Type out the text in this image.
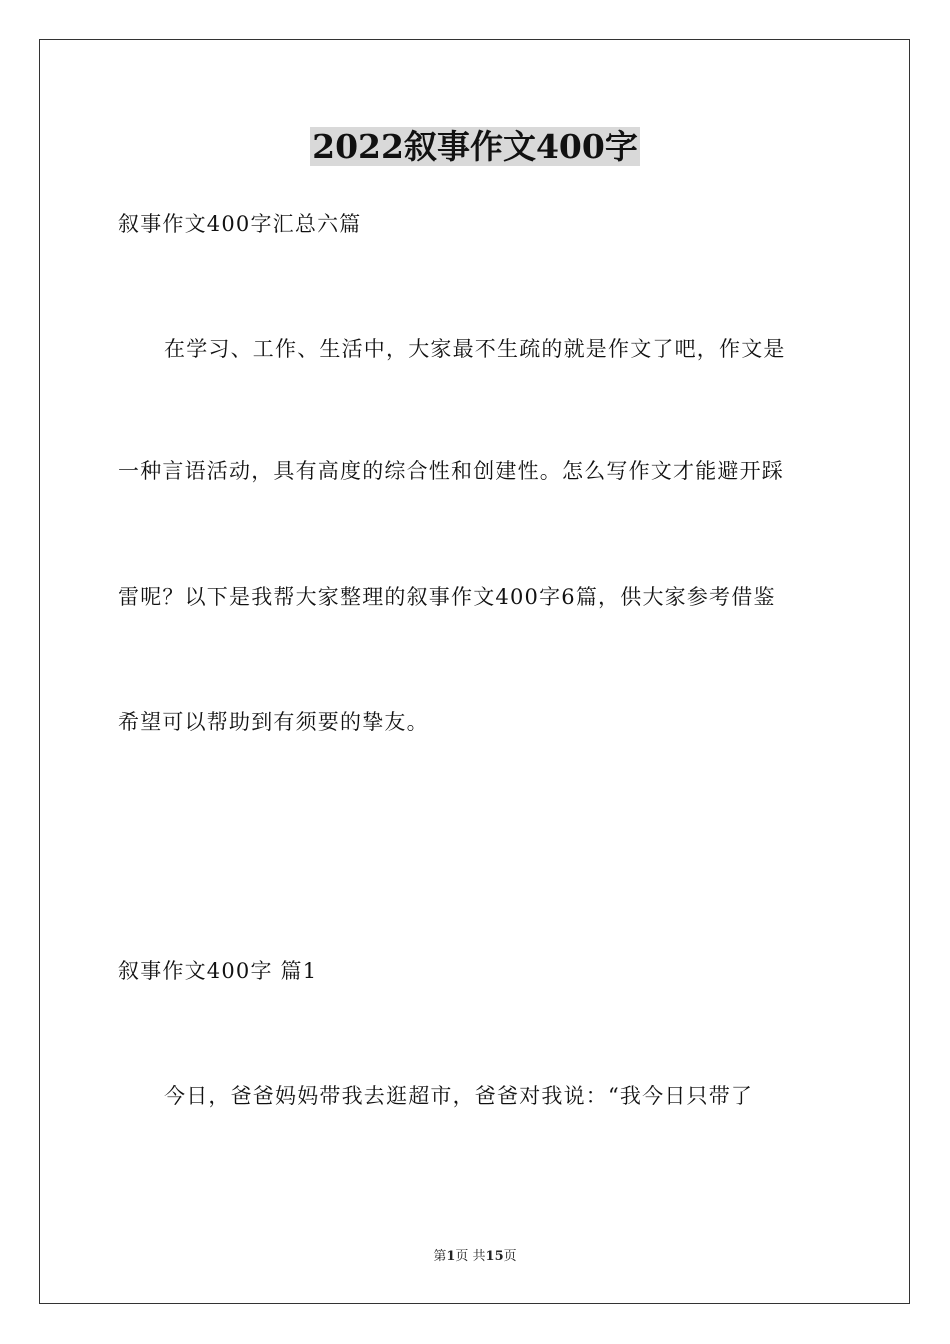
2022叙事作文400字
叙事作文400字汇总六篇
在学习、工作、生活中，大家最不生疏的就是作文了吧，作文是
一种言语活动，具有高度的综合性和创建性。怎么写作文才能避开踩
雷呢？以下是我帮大家整理的叙事作文400字6篇，供大家参考借鉴
希望可以帮助到有须要的挚友。
叙事作文400字 篇1
今日，爸爸妈妈带我去逛超市，爸爸对我说：“我今日只带了
第1页 共15页
